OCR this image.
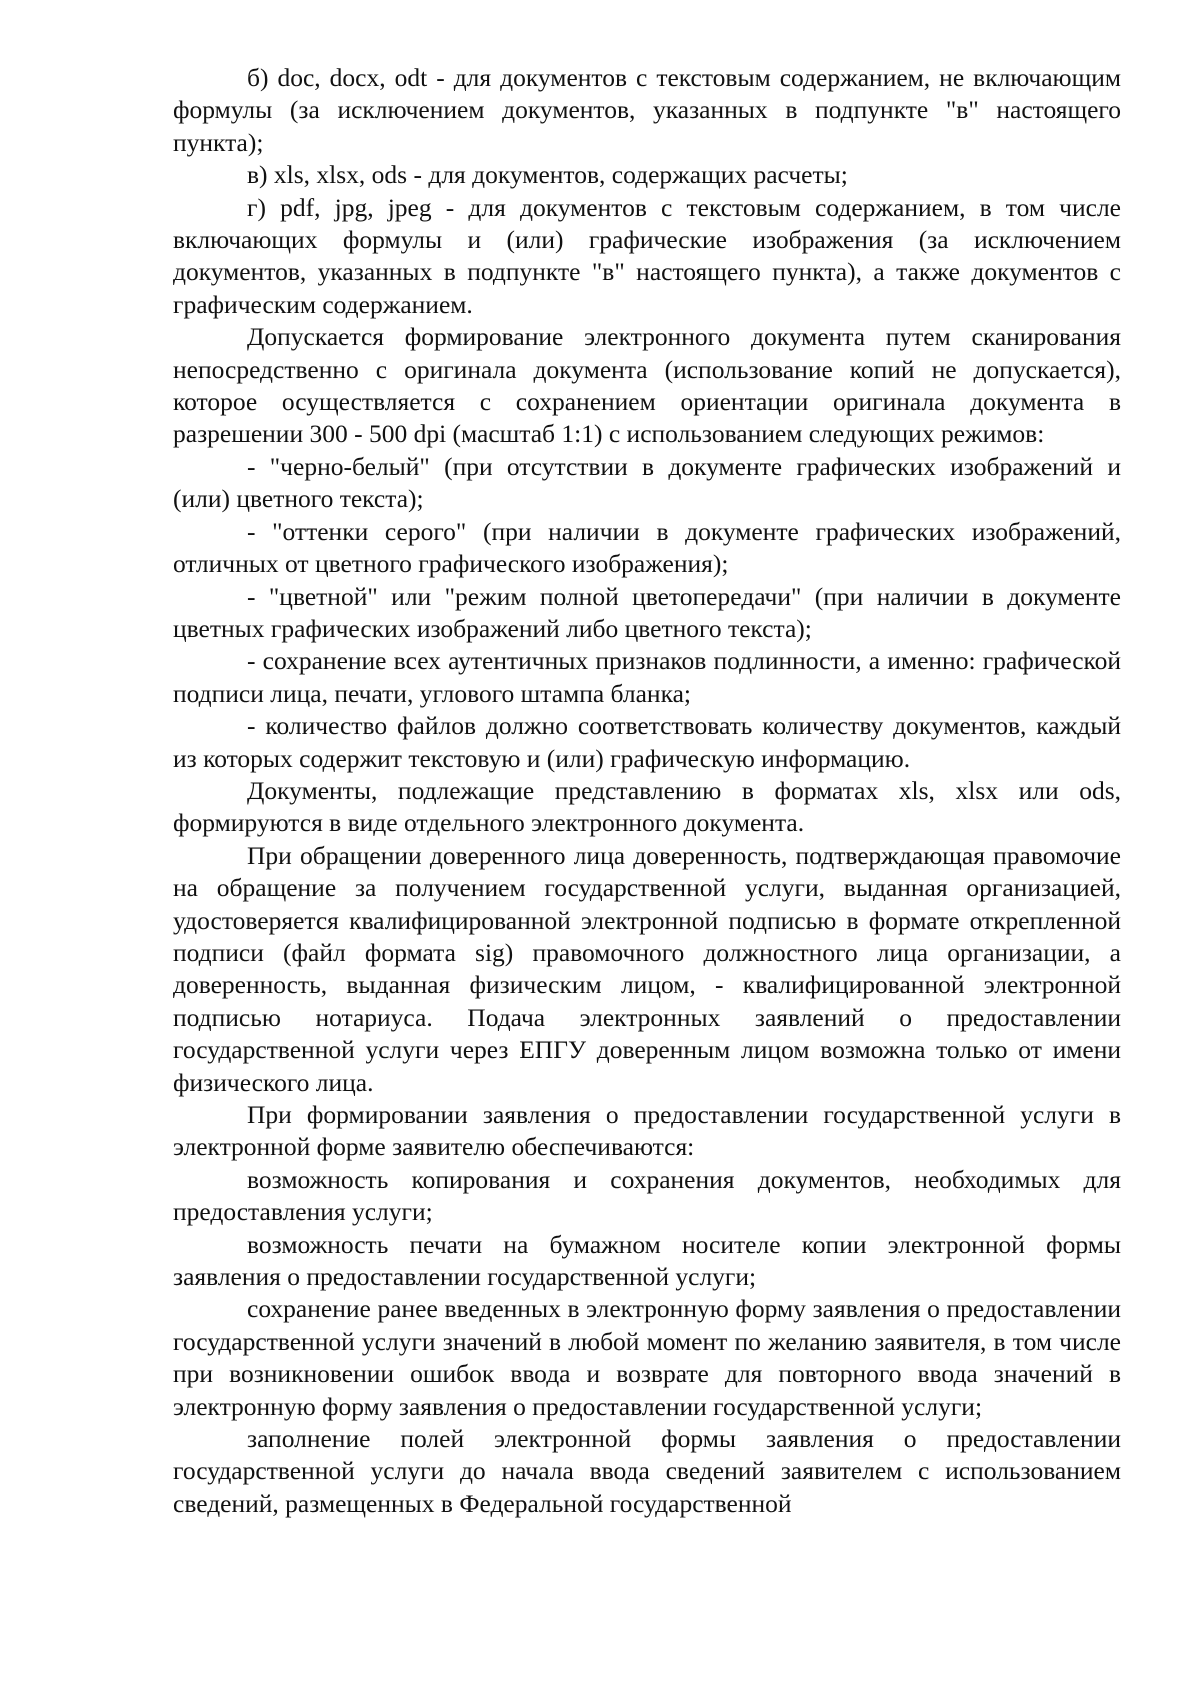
б) doc, docx, odt - для документов с текстовым содержанием, не включающим формулы (за исключением документов, указанных в подпункте "в" настоящего пункта);

в) xls, xlsx, ods - для документов, содержащих расчеты;

г) pdf, jpg, jpeg - для документов с текстовым содержанием, в том числе включающих формулы и (или) графические изображения (за исключением документов, указанных в подпункте "в" настоящего пункта), а также документов с графическим содержанием.

Допускается формирование электронного документа путем сканирования непосредственно с оригинала документа (использование копий не допускается), которое осуществляется с сохранением ориентации оригинала документа в разрешении 300 - 500 dpi (масштаб 1:1) с использованием следующих режимов:

- "черно-белый" (при отсутствии в документе графических изображений и (или) цветного текста);

- "оттенки серого" (при наличии в документе графических изображений, отличных от цветного графического изображения);

- "цветной" или "режим полной цветопередачи" (при наличии в документе цветных графических изображений либо цветного текста);

- сохранение всех аутентичных признаков подлинности, а именно: графической подписи лица, печати, углового штампа бланка;

- количество файлов должно соответствовать количеству документов, каждый из которых содержит текстовую и (или) графическую информацию.

Документы, подлежащие представлению в форматах xls, xlsx или ods, формируются в виде отдельного электронного документа.

При обращении доверенного лица доверенность, подтверждающая правомочие на обращение за получением государственной услуги, выданная организацией, удостоверяется квалифицированной электронной подписью в формате открепленной подписи (файл формата sig) правомочного должностного лица организации, а доверенность, выданная физическим лицом, - квалифицированной электронной подписью нотариуса. Подача электронных заявлений о предоставлении государственной услуги через ЕПГУ доверенным лицом возможна только от имени физического лица.

При формировании заявления о предоставлении государственной услуги в электронной форме заявителю обеспечиваются:

возможность копирования и сохранения документов, необходимых для предоставления услуги;

возможность печати на бумажном носителе копии электронной формы заявления о предоставлении государственной услуги;

сохранение ранее введенных в электронную форму заявления о предоставлении государственной услуги значений в любой момент по желанию заявителя, в том числе при возникновении ошибок ввода и возврате для повторного ввода значений в электронную форму заявления о предоставлении государственной услуги;

заполнение полей электронной формы заявления о предоставлении государственной услуги до начала ввода сведений заявителем с использованием сведений, размещенных в Федеральной государственной
